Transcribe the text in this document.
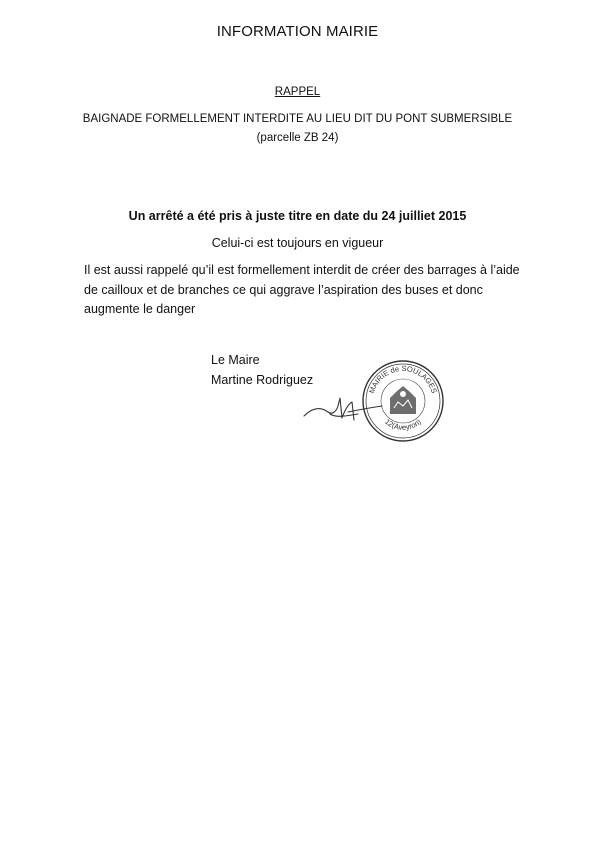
INFORMATION MAIRIE
RAPPEL
BAIGNADE FORMELLEMENT INTERDITE AU LIEU DIT DU PONT SUBMERSIBLE
(parcelle ZB 24)
Un arrêté a été pris à juste titre en date du 24 juilliet 2015
Celui-ci est toujours en vigueur
Il est aussi rappelé qu’il est formellement interdit de créer des barrages à l’aide
de cailloux et de branches ce qui aggrave l’aspiration des buses et donc
augmente le danger
Le Maire
Martine Rodriguez
MAIRIE de SOULAGES
12(Aveyron)
